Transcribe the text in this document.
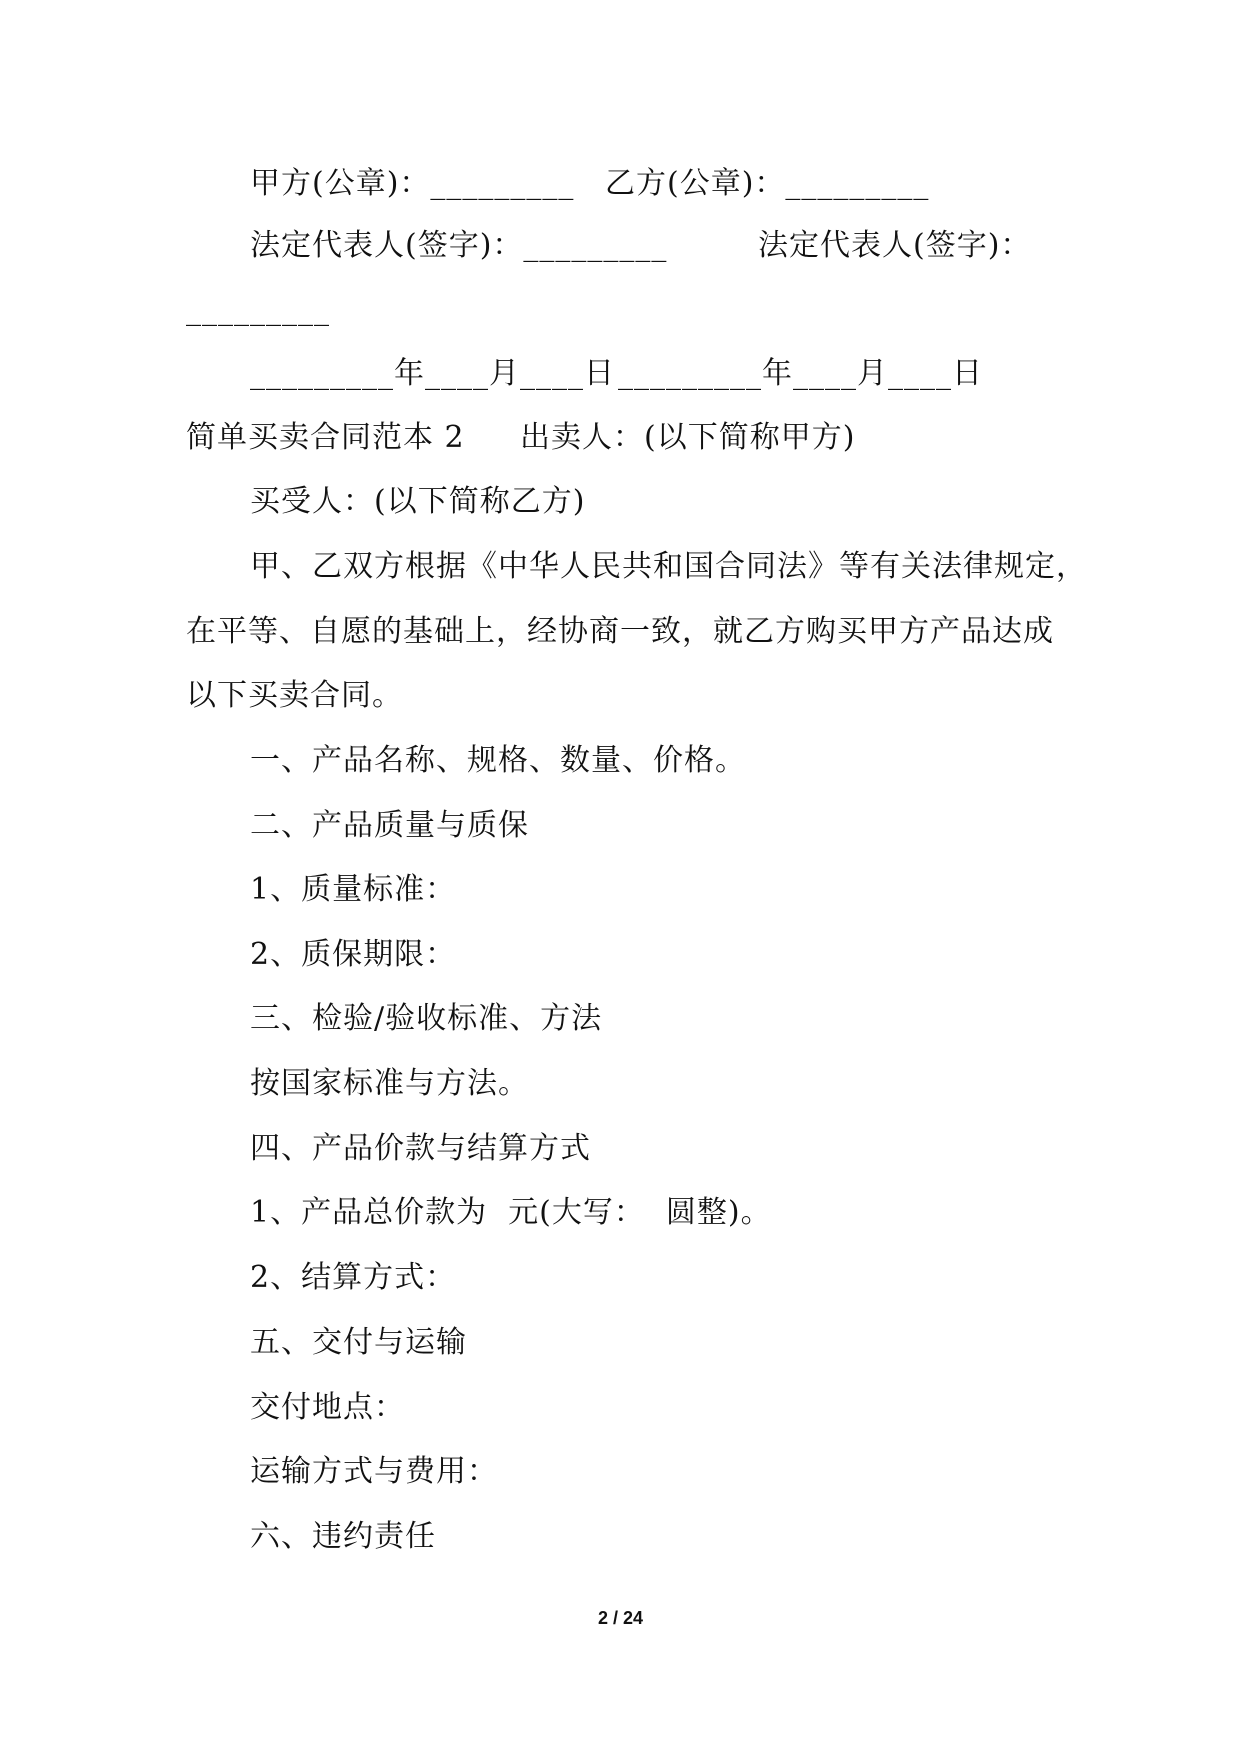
甲方(公章)：_________ 乙方(公章)：_________
法定代表人(签字)：_________	法定代表人(签字)：
_________
_________年____月____日 _________年____月____日
简单买卖合同范本 2 出卖人：(以下简称甲方)
买受人：(以下简称乙方)
甲、乙双方根据《中华人民共和国合同法》等有关法律规定，
在平等、自愿的基础上，经协商一致，就乙方购买甲方产品达成
以下买卖合同。
一、产品名称、规格、数量、价格。
二、产品质量与质保
1、质量标准：
2、质保期限：
三、检验/验收标准、方法
按国家标准与方法。
四、产品价款与结算方式
1、产品总价款为  元(大写：  圆整)。
2、结算方式：
五、交付与运输
交付地点：
运输方式与费用：
六、违约责任
2 / 24
